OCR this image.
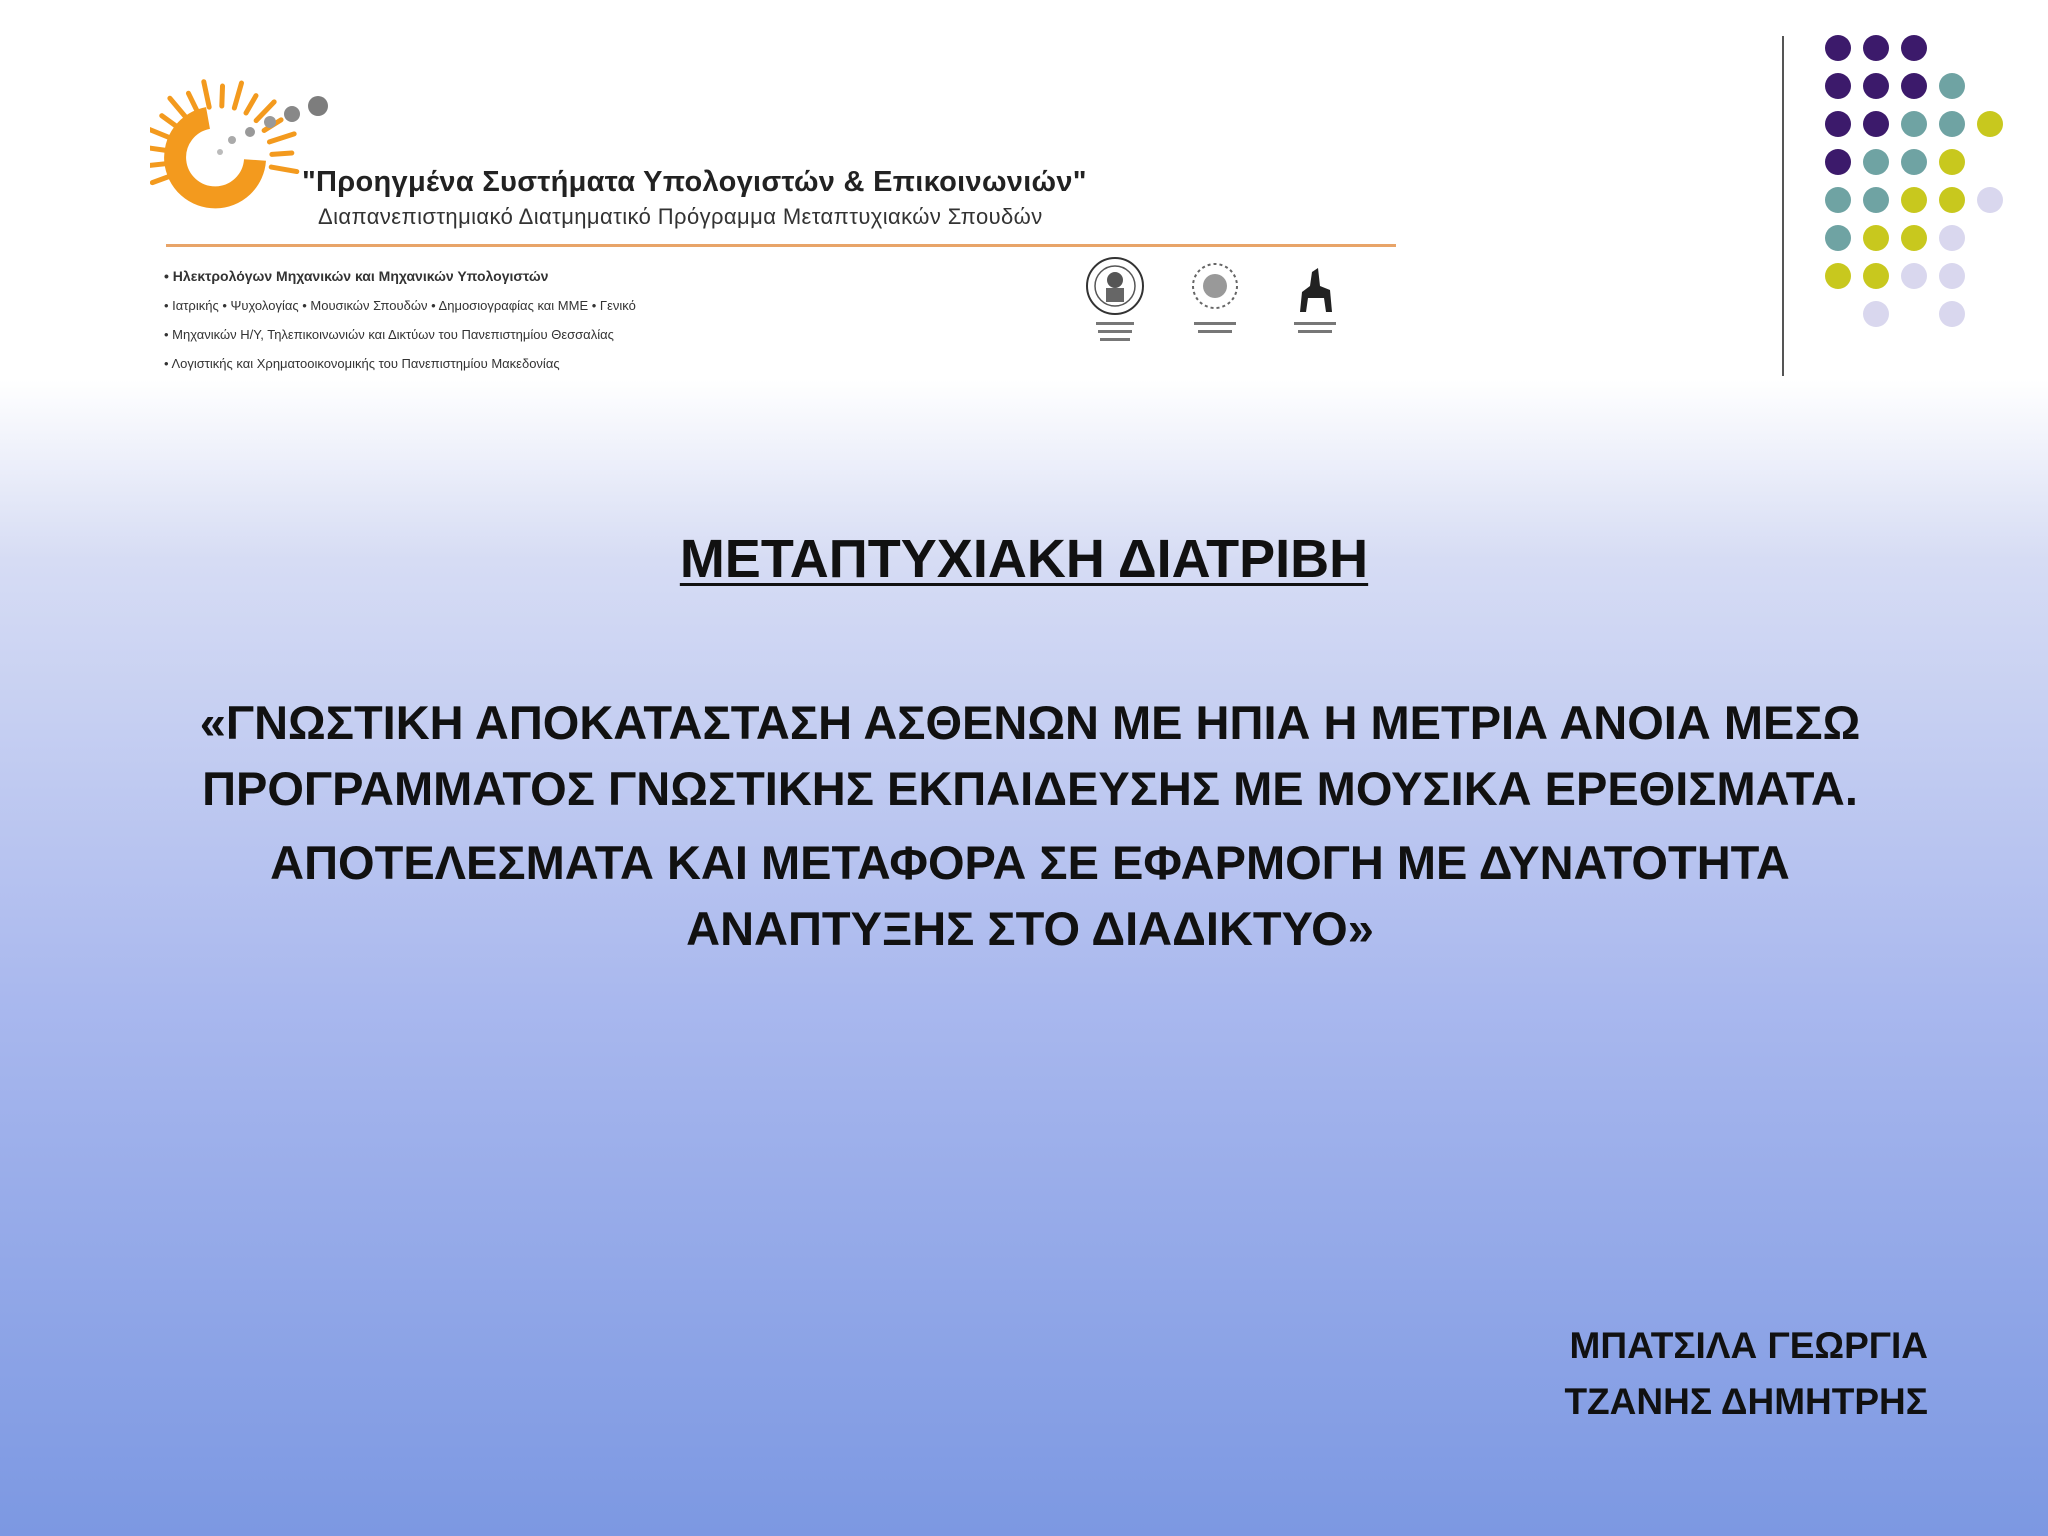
"Προηγμένα Συστήματα Υπολογιστών & Επικοινωνιών"

Διαπανεπιστημιακό Διατμηματικό Πρόγραμμα Μεταπτυχιακών Σπουδών

• Ηλεκτρολόγων Μηχανικών και Μηχανικών Υπολογιστών
• Ιατρικής • Ψυχολογίας • Μουσικών Σπουδών • Δημοσιογραφίας και ΜΜΕ • Γενικό
• Μηχανικών Η/Υ, Τηλεπικοινωνιών και Δικτύων του Πανεπιστημίου Θεσσαλίας
• Λογιστικής και Χρηματοοικονομικής του Πανεπιστημίου Μακεδονίας
ΜΕΤΑΠΤΥΧΙΑΚΗ ΔΙΑΤΡΙΒΗ

«ΓΝΩΣΤΙΚΗ ΑΠΟΚΑΤΑΣΤΑΣΗ ΑΣΘΕΝΩΝ ΜΕ ΗΠΙΑ Η ΜΕΤΡΙΑ ΑΝΟΙΑ ΜΕΣΩ ΠΡΟΓΡΑΜΜΑΤΟΣ ΓΝΩΣΤΙΚΗΣ ΕΚΠΑΙΔΕΥΣΗΣ ΜΕ ΜΟΥΣΙΚΑ ΕΡΕΘΙΣΜΑΤΑ.

ΑΠΟΤΕΛΕΣΜΑΤΑ ΚΑΙ ΜΕΤΑΦΟΡΑ ΣΕ ΕΦΑΡΜΟΓΗ ΜΕ ΔΥΝΑΤΟΤΗΤΑ ΑΝΑΠΤΥΞΗΣ ΣΤΟ ΔΙΑΔΙΚΤΥΟ»

ΜΠΑΤΣΙΛΑ ΓΕΩΡΓΙΑ
ΤΖΑΝΗΣ ΔΗΜΗΤΡΗΣ
